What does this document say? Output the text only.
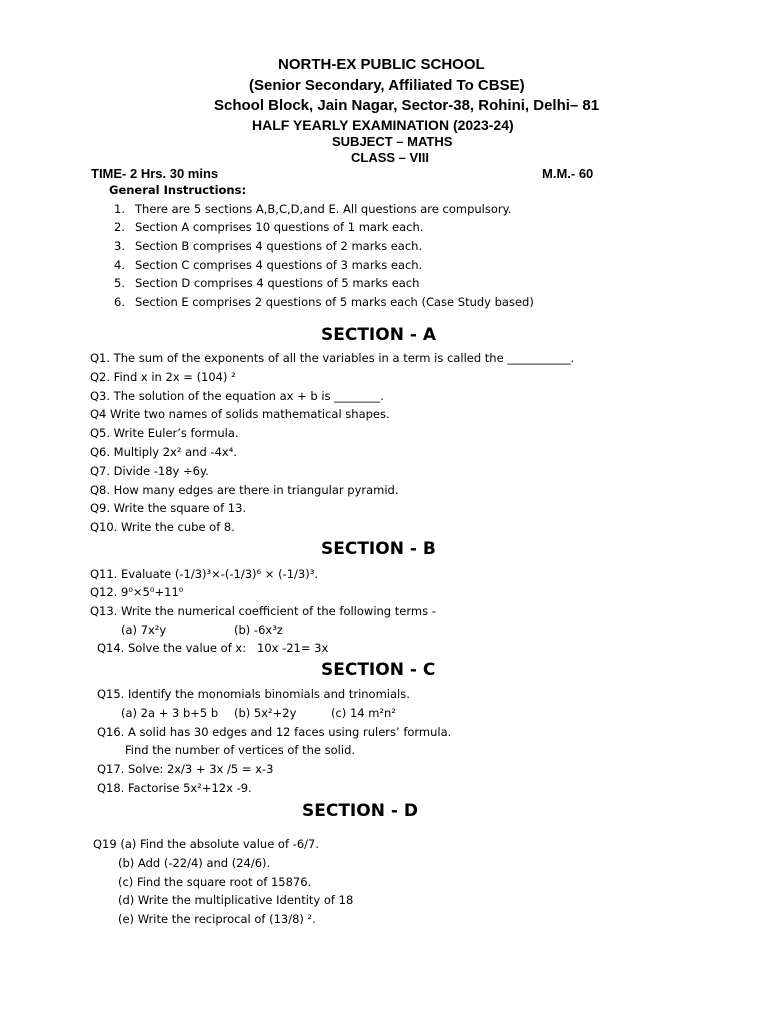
NORTH-EX PUBLIC SCHOOL
(Senior Secondary, Affiliated To CBSE)
School Block, Jain Nagar, Sector-38, Rohini, Delhi– 81
HALF YEARLY EXAMINATION (2023-24)
SUBJECT – MATHS
CLASS – VIII
TIME- 2 Hrs. 30 mins	M.M.- 60
General Instructions:
1. There are 5 sections A,B,C,D,and E. All questions are compulsory.
2. Section A comprises 10 questions of 1 mark each.
3. Section B comprises 4 questions of 2 marks each.
4. Section C comprises 4 questions of 3 marks each.
5. Section D comprises 4 questions of 5 marks each
6. Section E comprises 2 questions of 5 marks each (Case Study based)
SECTION - A
Q1. The sum of the exponents of all the variables in a term is called the ___________.
Q2. Find x in 2x = (104) ²
Q3. The solution of the equation ax + b is ________.
Q4 Write two names of solids mathematical shapes.
Q5. Write Euler’s formula.
Q6. Multiply 2x² and -4x⁴.
Q7. Divide -18y ÷6y.
Q8. How many edges are there in triangular pyramid.
Q9. Write the square of 13.
Q10. Write the cube of 8.
SECTION - B
Q11. Evaluate (-1/3)³×-(-1/3)⁶ × (-1/3)³.
Q12. 9⁰×5⁰+11⁰
Q13. Write the numerical coefficient of the following terms -
(a) 7x²y	(b) -6x³z
Q14. Solve the value of x: 10x -21= 3x
SECTION - C
Q15. Identify the monomials binomials and trinomials.
(a) 2a + 3 b+5 b (b) 5x²+2y	(c) 14 m²n²
Q16. A solid has 30 edges and 12 faces using rulers’ formula.
Find the number of vertices of the solid.
Q17. Solve: 2x/3 + 3x /5 = x-3
Q18. Factorise 5x²+12x -9.
SECTION - D
Q19 (a) Find the absolute value of -6/7.
(b) Add (-22/4) and (24/6).
(c) Find the square root of 15876.
(d) Write the multiplicative Identity of 18
(e) Write the reciprocal of (13/8) ².
